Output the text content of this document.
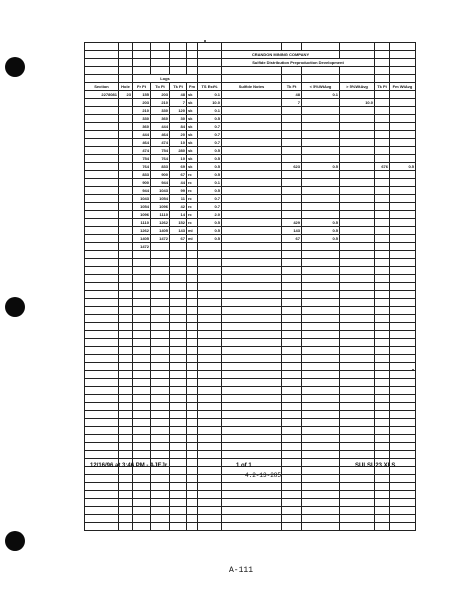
							CRANDON MINING COMPANY					
							Sulfide Distribution Preproduction Development					

		Logs										
Section	Hole	Fr Ft	To Ft	Tk Ft	Fm	TS Est%	Sulfide Notes	Tk Ft	< 5%WtAvg	> 5%WtAvg	Tk Ft	Fm WtAvg
2278081	23	155	203	48	sk	0.1		48	0.1			
		203	210	7	sk	10.0		7		10.0		
		210	330	120	sk	0.1						
		330	360	30	sk	0.5						
		360	444	84	sk	0.7						
		444	464	20	sk	0.7						
		464	474	10	sk	0.7						
		474	754	280	sk	0.5						
		754	764	10	sk	0.5						
		764	833	69	sk	0.5		623	0.5		676	0.5
		833	900	67	rc	0.5						
		900	944	44	rc	0.1						
		944	1043	99	rc	0.5						
		1043	1054	11	rc	0.7						
		1054	1096	42	rc	0.7						
		1096	1110	14	rc	2.0						
		1110	1262	152	rc	0.5		429	0.5			
		1262	1405	143	ml	0.5		143	0.5			
		1405	1472	67	ml	0.5		67	0.5			
		1472										

12/16/96 at 3:46 PM - AJEJr	1 of 1	SULSU23.XLS
4.2-13-285
A-111
